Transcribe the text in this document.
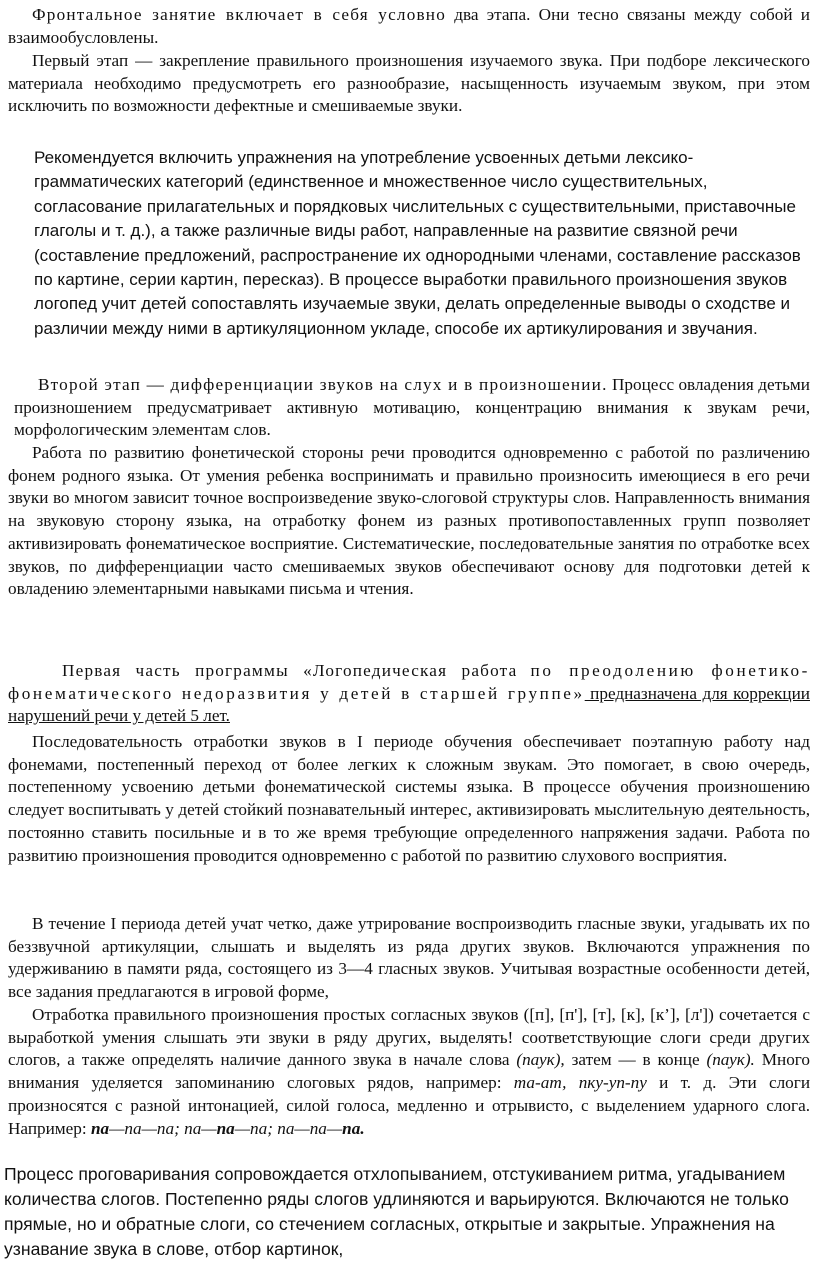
Фронтальное занятие включает в себя условно два этапа. Они тесно связаны между собой и взаимообусловлены.

Первый этап — закрепление правильного произношения изучаемого звука. При подборе лексического материала необходимо предусмотреть его разнообразие, насыщенность изучаемым звуком, при этом исключить по возможности дефектные и смешиваемые звуки.

Рекомендуется включить упражнения на употребление усвоенных детьми лексико-грамматических категорий (единственное и множественное число существительных, согласование прилагательных и порядковых числительных с существительными, приставочные глаголы и т. д.), а также различные виды работ, направленные на развитие связной речи (составление предложений, распространение их однородными членами, составление рассказов по картине, серии картин, пересказ). В процессе выработки правильного произношения звуков логопед учит детей сопоставлять изучаемые звуки, делать определенные выводы о сходстве и различии между ними в артикуляционном укладе, способе их артикулирования и звучания.

Второй этап — дифференциации звуков на слух и в произношении. Процесс овладения детьми произношением предусматривает активную мотивацию, концентрацию внимания к звукам речи, морфологическим элементам слов.

Работа по развитию фонетической стороны речи проводится одновременно с работой по различению фонем родного языка. От умения ребенка воспринимать и правильно произносить имеющиеся в его речи звуки во многом зависит точное воспроизведение звуко-слоговой структуры слов. Направленность внимания на звуковую сторону языка, на отработку фонем из разных противопоставленных групп позволяет активизировать фонематическое восприятие. Систематические, последовательные занятия по отработке всех звуков, по дифференциации часто смешиваемых звуков обеспечивают основу для подготовки детей к овладению элементарными навыками письма и чтения.

Первая часть программы «Логопедическая работа по преодолению фонетико-фонематического недоразвития у детей в старшей группе» предназначена для коррекции нарушений речи у детей 5 лет.

Последовательность отработки звуков в I периоде обучения обеспечивает поэтапную работу над фонемами, постепенный переход от более легких к сложным звукам. Это помогает, в свою очередь, постепенному усвоению детьми фонематической системы языка. В процессе обучения произношению следует воспитывать у детей стойкий познавательный интерес, активизировать мыслительную деятельность, постоянно ставить посильные и в то же время требующие определенного напряжения задачи. Работа по развитию произношения проводится одновременно с работой по развитию слухового восприятия.

В течение I периода детей учат четко, даже утрирование воспроизводить гласные звуки, угадывать их по беззвучной артикуляции, слышать и выделять из ряда других звуков. Включаются упражнения по удерживанию в памяти ряда, состоящего из 3—4 гласных звуков. Учитывая возрастные особенности детей, все задания предлагаются в игровой форме,

Отработка правильного произношения простых согласных звуков ([п], [п'], [т], [к], [к’], [л']) сочетается с выработкой умения слышать эти звуки в ряду других, выделять! соответствующие слоги среди других слогов, а также определять наличие данного звука в начале слова (паук), затем — в конце (паук). Много внимания уделяется запоминанию слоговых рядов, например: та-ат, пку-уп-пу и т. д. Эти слоги произносятся с разной интонацией, силой голоса, медленно и отрывисто, с выделением ударного слога. Например: па—па—па; па—па—па; па—па—па.

Процесс проговаривания сопровождается отхлопыванием, отстукиванием ритма, угадыванием количества слогов. Постепенно ряды слогов удлиняются и варьируются. Включаются не только прямые, но и обратные слоги, со стечением согласных, открытые и закрытые. Упражнения на узнавание звука в слове, отбор картинок,
